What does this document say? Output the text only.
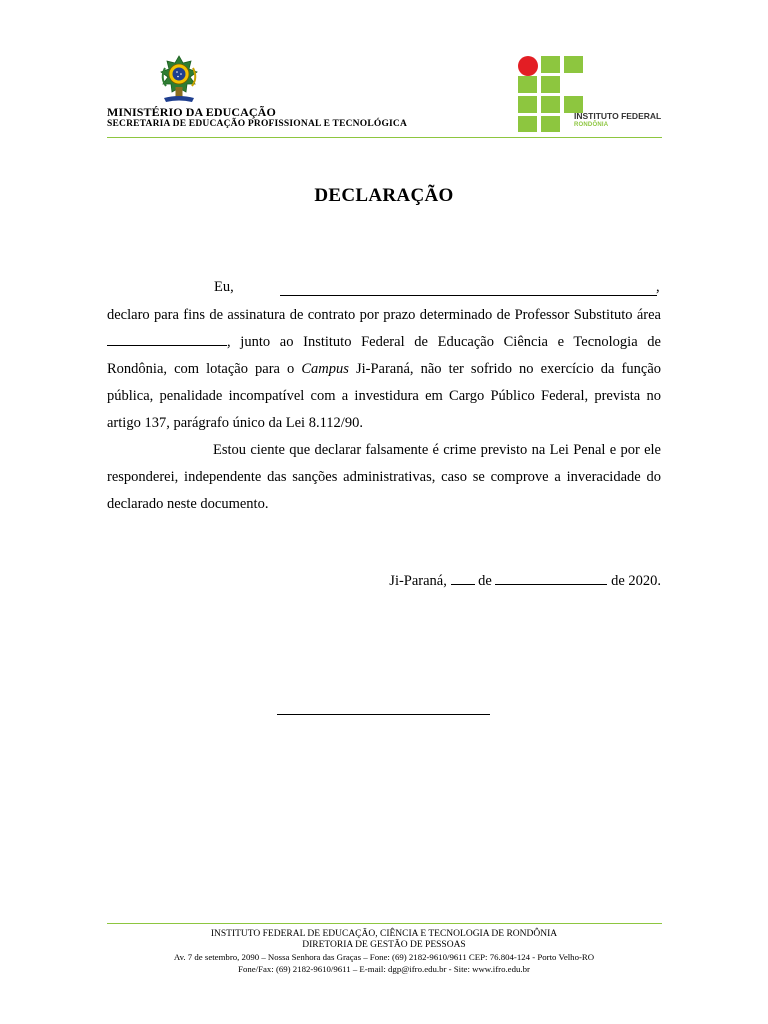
MINISTÉRIO DA EDUCAÇÃO
SECRETARIA DE EDUCAÇÃO PROFISSIONAL E TECNOLÓGICA
INSTITUTO FEDERAL
RONDÔNIA
DECLARAÇÃO
Eu,	,
declaro para fins de assinatura de contrato por prazo determinado de Professor Substituto área , junto ao Instituto Federal de Educação Ciência e Tecnologia de Rondônia, com lotação para o Campus Ji-Paraná, não ter sofrido no exercício da função pública, penalidade incompatível com a investidura em Cargo Público Federal, prevista no artigo 137, parágrafo único da Lei 8.112/90.
Estou ciente que declarar falsamente é crime previsto na Lei Penal e por ele responderei, independente das sanções administrativas, caso se comprove a inveracidade do declarado neste documento.
Ji-Paraná,  de	de 2020.
INSTITUTO FEDERAL DE EDUCAÇÃO, CIÊNCIA E TECNOLOGIA DE RONDÔNIA
DIRETORIA DE GESTÃO DE PESSOAS
Av. 7 de setembro, 2090 – Nossa Senhora das Graças – Fone: (69) 2182-9610/9611 CEP: 76.804-124 - Porto Velho-RO
Fone/Fax: (69) 2182-9610/9611 – E-mail: dgp@ifro.edu.br - Site: www.ifro.edu.br
